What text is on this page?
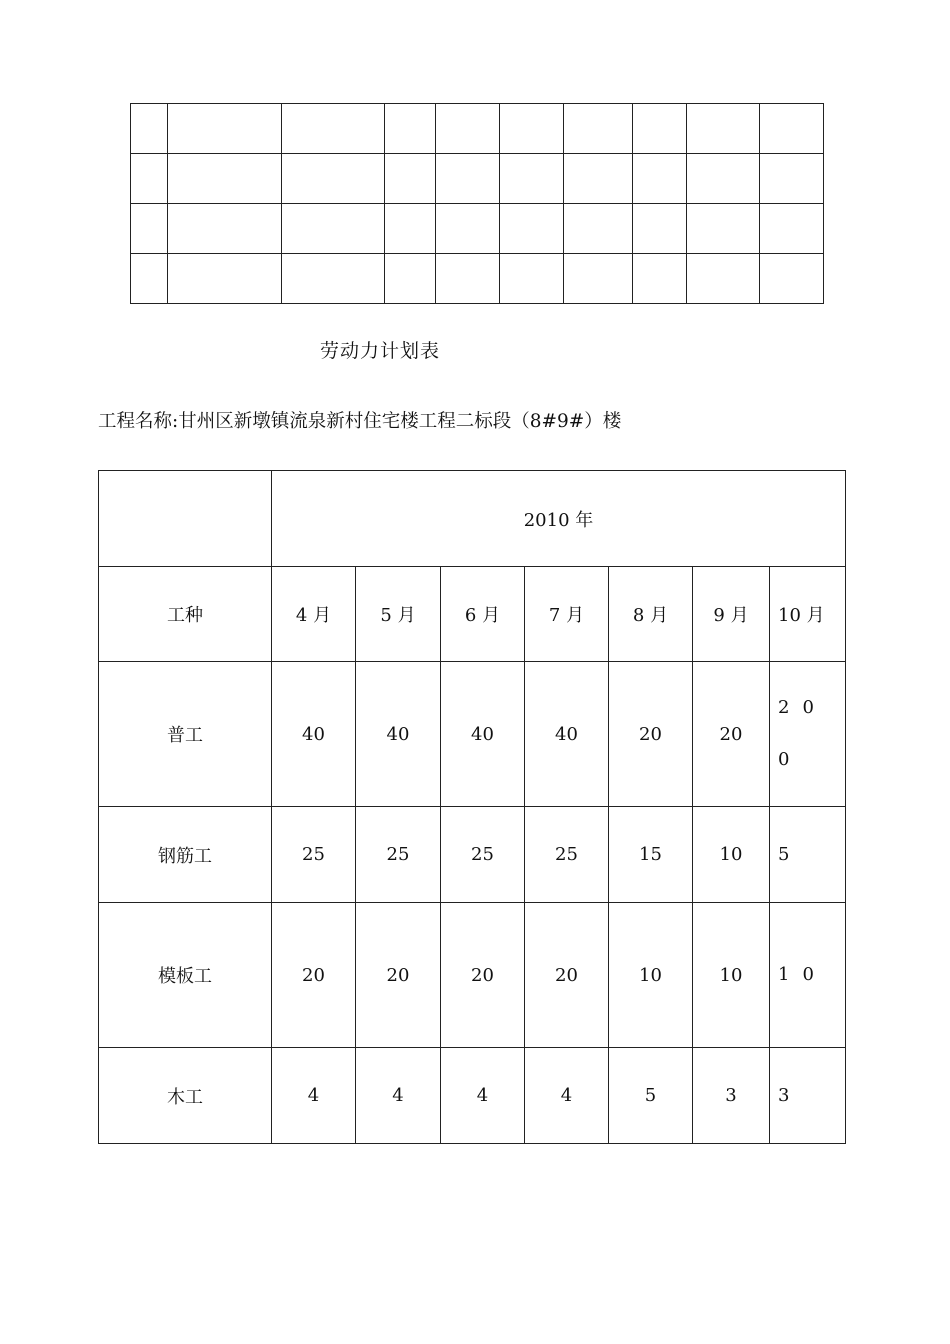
劳动力计划表
工程名称:甘州区新墩镇流泉新村住宅楼工程二标段（8#9#）楼
	2010 年						
工种	4 月	5 月	6 月	7 月	8 月	9 月	10 月
普工	40	40	40	40	20	20	200

钢筋工	25	25	25	25	15	10	5
模板工	20	20	20	20	10	10	10

木工	4	4	4	4	5	3	3
